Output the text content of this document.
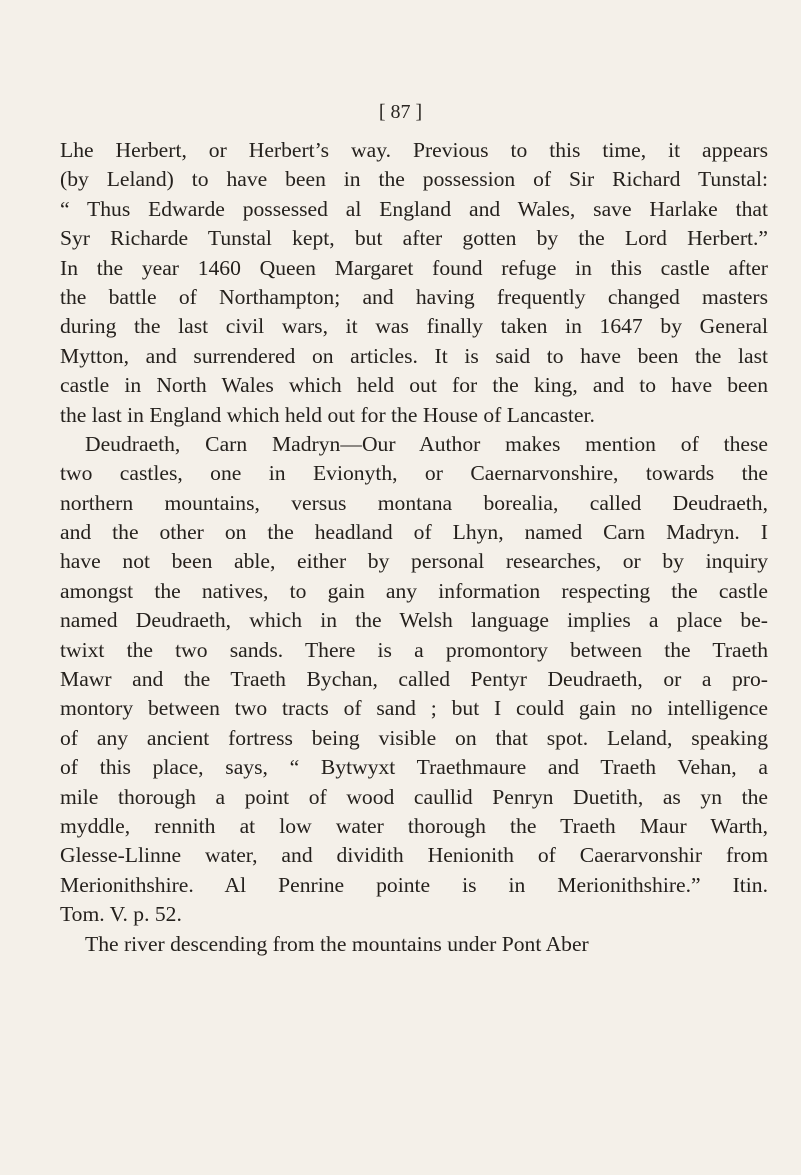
[ 87 ]
Lhe Herbert, or Herbert’s way. Previous to this time, it appears
(by Leland) to have been in the possession of Sir Richard Tunstal:
“ Thus Edwarde possessed al England and Wales, save Harlake that
Syr Richarde Tunstal kept, but after gotten by the Lord Herbert.”
In the year 1460 Queen Margaret found refuge in this castle after
the battle of Northampton; and having frequently changed masters
during the last civil wars, it was finally taken in 1647 by General
Mytton, and surrendered on articles. It is said to have been the last
castle in North Wales which held out for the king, and to have been
the last in England which held out for the House of Lancaster.
Deudraeth, Carn Madryn—Our Author makes mention of these
two castles, one in Evionyth, or Caernarvonshire, towards the
northern mountains, versus montana borealia, called Deudraeth,
and the other on the headland of Lhyn, named Carn Madryn. I
have not been able, either by personal researches, or by inquiry
amongst the natives, to gain any information respecting the castle
named Deudraeth, which in the Welsh language implies a place be-
twixt the two sands. There is a promontory between the Traeth
Mawr and the Traeth Bychan, called Pentyr Deudraeth, or a pro-
montory between two tracts of sand ; but I could gain no intelligence
of any ancient fortress being visible on that spot. Leland, speaking
of this place, says, “ Bytwyxt Traethmaure and Traeth Vehan, a
mile thorough a point of wood caullid Penryn Duetith, as yn the
myddle, rennith at low water thorough the Traeth Maur Warth,
Glesse-Llinne water, and dividith Henionith of Caerarvonshir from
Merionithshire. Al Penrine pointe is in Merionithshire.” Itin.
Tom. V. p. 52.
The river descending from the mountains under Pont Aber
